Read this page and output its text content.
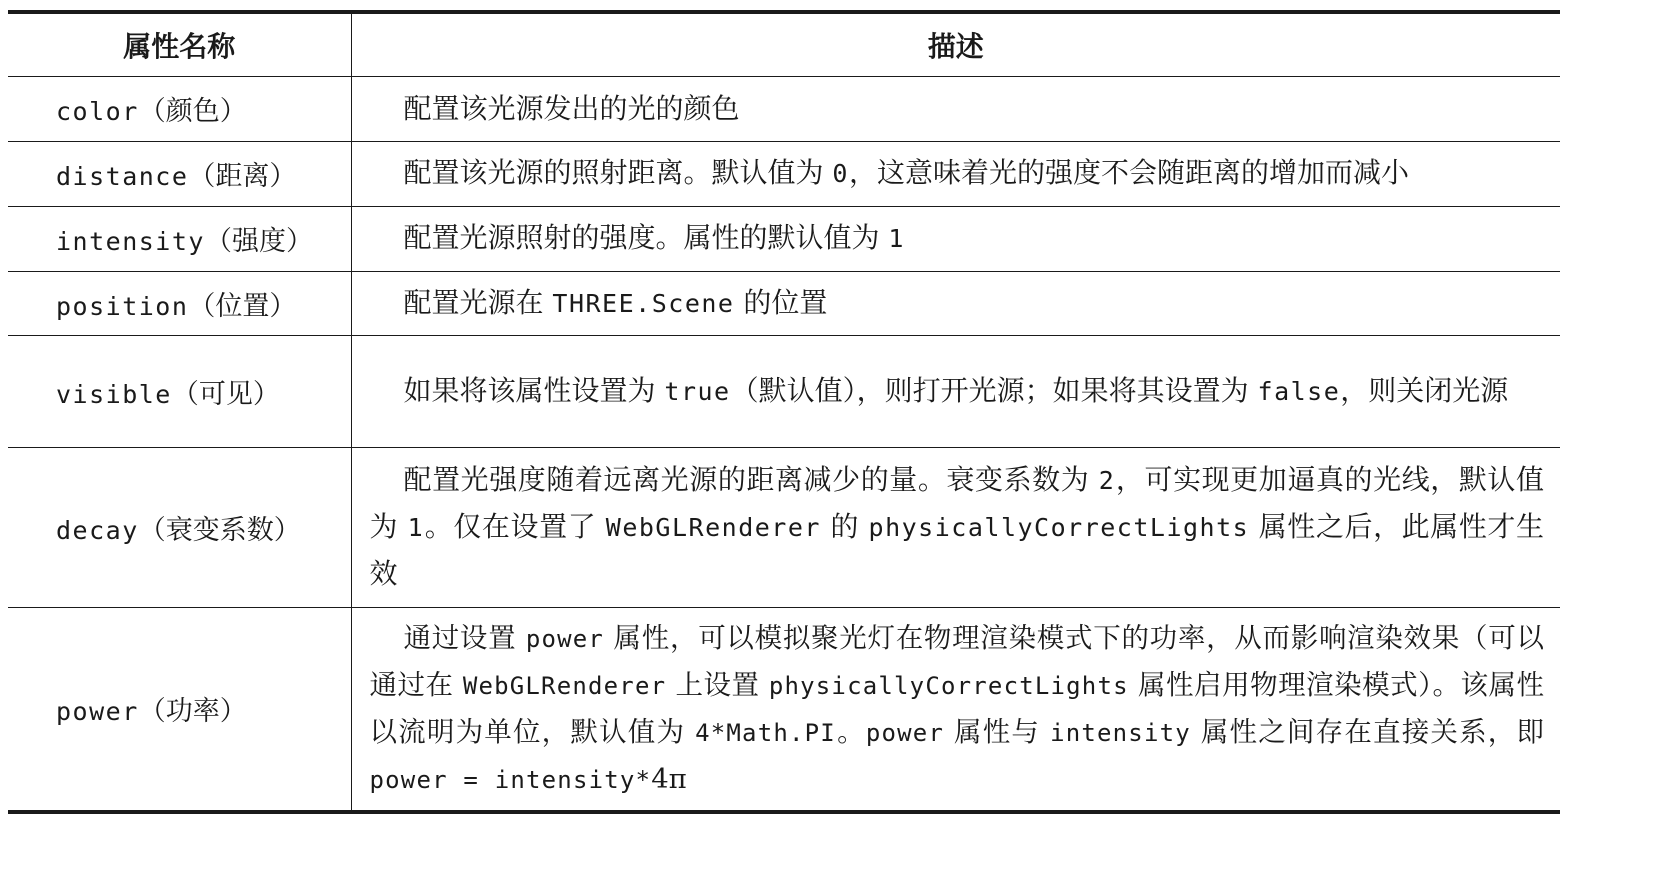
属性名称	描述
color（颜色）	配置该光源发出的光的颜色

distance（距离）	配置该光源的照射距离。默认值为 0，这意味着光的强度不会随距离的增加而减小

intensity（强度）	配置光源照射的强度。属性的默认值为 1

position（位置）	配置光源在 THREE.Scene 的位置

visible（可见）	如果将该属性设置为 true（默认值），则打开光源；如果将其设置为 false，则关闭光源

decay（衰变系数）	配置光强度随着远离光源的距离减少的量。衰变系数为 2，可实现更加逼真的光线，默认值为 1。仅在设置了 WebGLRenderer 的 physicallyCorrectLights 属性之后，此属性才生效

power（功率）	通过设置 power 属性，可以模拟聚光灯在物理渲染模式下的功率，从而影响渲染效果（可以通过在 WebGLRenderer 上设置 physicallyCorrectLights 属性启用物理渲染模式）。该属性以流明为单位，默认值为 4*Math.PI。power 属性与 intensity 属性之间存在直接关系，即 power = intensity*4π
